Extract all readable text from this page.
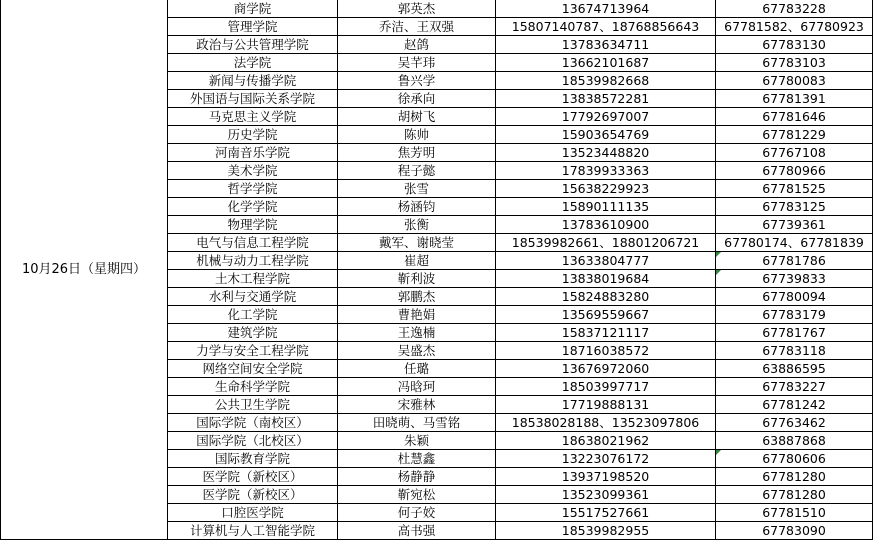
10月26日（星期四）	商学院	郭英杰	13674713964	67783228
	管理学院	乔洁、王双强	15807140787、18768856643	67781582、67780923
	政治与公共管理学院	赵鸽	13783634711	67783130
	法学院	吴芊玮	13662101687	67783103
	新闻与传播学院	鲁兴学	18539982668	67780083
	外国语与国际关系学院	徐承向	13838572281	67781391
	马克思主义学院	胡树飞	17792697007	67781646
	历史学院	陈帅	15903654769	67781229
	河南音乐学院	焦芳明	13523448820	67767108
	美术学院	程子懿	17839933363	67780966
	哲学学院	张雪	15638229923	67781525
	化学学院	杨涵钧	15890111135	67783125
	物理学院	张衡	13783610900	67739361
	电气与信息工程学院	戴军、谢晓莹	18539982661、18801206721	67780174、67781839
	机械与动力工程学院	崔超	13633804777	67781786
	土木工程学院	靳利波	13838019684	67739833
	水利与交通学院	郭鹏杰	15824883280	67780094
	化工学院	曹艳娟	13569559667	67783179
	建筑学院	王逸楠	15837121117	67781767
	力学与安全工程学院	吴盛杰	18716038572	67783118
	网络空间安全学院	任璐	13676972060	63886595
	生命科学学院	冯晗珂	18503997717	67783227
	公共卫生学院	宋雅林	17719888131	67781242
	国际学院（南校区）	田晓萌、马雪铭	18538028188、13523097806	67763462
	国际学院（北校区）	朱颖	18638021962	63887868
	国际教育学院	杜慧鑫	13223076172	67780606
	医学院（新校区）	杨静静	13937198520	67781280
	医学院（新校区）	靳宛松	13523099361	67781280
	口腔医学院	何子姣	15517527661	67781510
	计算机与人工智能学院	高书强	18539982955	67783090
